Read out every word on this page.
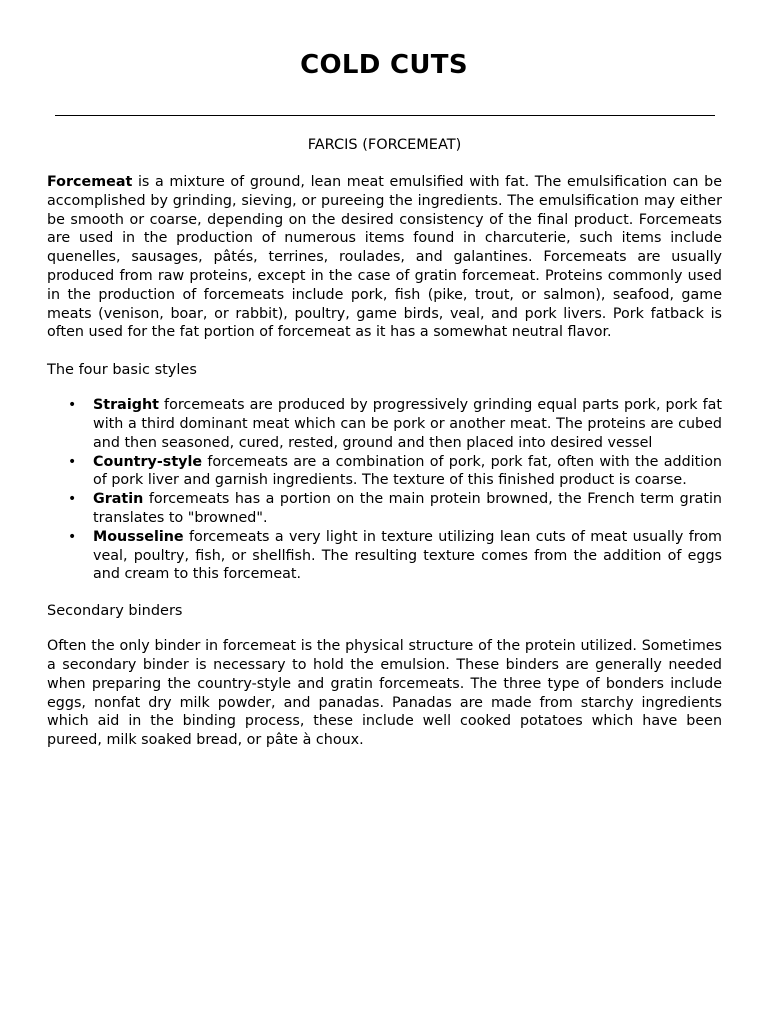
COLD CUTS
FARCIS (FORCEMEAT)

Forcemeat is a mixture of ground, lean meat emulsified with fat. The emulsification can be accomplished by grinding, sieving, or pureeing the ingredients. The emulsification may either be smooth or coarse, depending on the desired consistency of the final product. Forcemeats are used in the production of numerous items found in charcuterie, such items include quenelles, sausages, pâtés, terrines, roulades, and galantines. Forcemeats are usually produced from raw proteins, except in the case of gratin forcemeat. Proteins commonly used in the production of forcemeats include pork, fish (pike, trout, or salmon), seafood, game meats (venison, boar, or rabbit), poultry, game birds, veal, and pork livers. Pork fatback is often used for the fat portion of forcemeat as it has a somewhat neutral flavor.

The four basic styles
• Straight forcemeats are produced by progressively grinding equal parts pork, pork fat with a third dominant meat which can be pork or another meat. The proteins are cubed and then seasoned, cured, rested, ground and then placed into desired vessel
• Country-style forcemeats are a combination of pork, pork fat, often with the addition of pork liver and garnish ingredients. The texture of this finished product is coarse.
• Gratin forcemeats has a portion on the main protein browned, the French term gratin translates to "browned".
• Mousseline forcemeats a very light in texture utilizing lean cuts of meat usually from veal, poultry, fish, or shellfish. The resulting texture comes from the addition of eggs and cream to this forcemeat.
Secondary binders

Often the only binder in forcemeat is the physical structure of the protein utilized. Sometimes a secondary binder is necessary to hold the emulsion. These binders are generally needed when preparing the country-style and gratin forcemeats. The three type of bonders include eggs, nonfat dry milk powder, and panadas. Panadas are made from starchy ingredients which aid in the binding process, these include well cooked potatoes which have been pureed, milk soaked bread, or pâte à choux.
